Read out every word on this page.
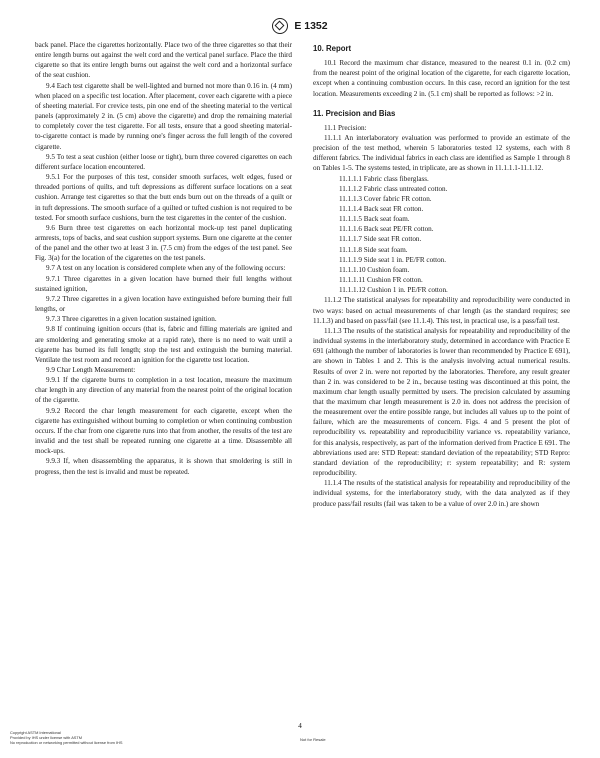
E 1352

back panel. Place the cigarettes horizontally. Place two of the three cigarettes so that their entire length burns out against the welt cord and the vertical panel surface. Place the third cigarette so that its entire length burns out against the welt cord and a horizontal surface of the seat cushion.

9.4 Each test cigarette shall be well-lighted and burned not more than 0.16 in. (4 mm) when placed on a specific test location. After placement, cover each cigarette with a piece of sheeting material. For crevice tests, pin one end of the sheeting material to the vertical panels (approximately 2 in. (5 cm) above the cigarette) and drop the remaining material to completely cover the test cigarette. For all tests, ensure that a good sheeting material-to-cigarette contact is made by running one's finger across the full length of the covered cigarette.

9.5 To test a seat cushion (either loose or tight), burn three covered cigarettes on each different surface location encountered.

9.5.1 For the purposes of this test, consider smooth surfaces, welt edges, fused or threaded portions of quilts, and tuft depressions as different surface locations on a seat cushion. Arrange test cigarettes so that the butt ends burn out on the threads of a quilt or in tuft depressions. The smooth surface of a quilted or tufted cushion is not required to be tested. For smooth surface cushions, burn the test cigarettes in the center of the cushion.

9.6 Burn three test cigarettes on each horizontal mock-up test panel duplicating armrests, tops of backs, and seat cushion support systems. Burn one cigarette at the center of the panel and the other two at least 3 in. (7.5 cm) from the edges of the test panel. See Fig. 3(a) for the location of the cigarettes on the test panels.

9.7 A test on any location is considered complete when any of the following occurs:

9.7.1 Three cigarettes in a given location have burned their full lengths without sustained ignition,

9.7.2 Three cigarettes in a given location have extinguished before burning their full lengths, or

9.7.3 Three cigarettes in a given location sustained ignition.

9.8 If continuing ignition occurs (that is, fabric and filling materials are ignited and are smoldering and generating smoke at a rapid rate), there is no need to wait until a cigarette has burned its full length; stop the test and extinguish the burning material. Ventilate the test room and record an ignition for the cigarette test location.

9.9 Char Length Measurement:

9.9.1 If the cigarette burns to completion in a test location, measure the maximum char length in any direction of any material from the nearest point of the original location of the cigarette.

9.9.2 Record the char length measurement for each cigarette, except when the cigarette has extinguished without burning to completion or when continuing combustion occurs. If the char from one cigarette runs into that from another, the results of the test are invalid and the test shall be repeated running one cigarette at a time. Disassemble all mock-ups.

9.9.3 If, when disassembling the apparatus, it is shown that smoldering is still in progress, then the test is invalid and must be repeated.

10. Report

10.1 Record the maximum char distance, measured to the nearest 0.1 in. (0.2 cm) from the nearest point of the original location of the cigarette, for each cigarette location, except when a continuing combustion occurs. In this case, record an ignition for the test location. Measurements exceeding 2 in. (5.1 cm) shall be reported as follows: >2 in.

11. Precision and Bias

11.1 Precision:

11.1.1 An interlaboratory evaluation was performed to provide an estimate of the precision of the test method, wherein 5 laboratories tested 12 systems, each with 8 different fabrics. The individual fabrics in each class are identified as Sample 1 through 8 on Tables 1-5. The systems tested, in triplicate, are as shown in 11.1.1.1-11.1.12.

11.1.1.1 Fabric class fiberglass.

11.1.1.2 Fabric class untreated cotton.

11.1.1.3 Cover fabric FR cotton.

11.1.1.4 Back seat FR cotton.

11.1.1.5 Back seat foam.

11.1.1.6 Back seat PE/FR cotton.

11.1.1.7 Side seat FR cotton.

11.1.1.8 Side seat foam.

11.1.1.9 Side seat 1 in. PE/FR cotton.

11.1.1.10 Cushion foam.

11.1.1.11 Cushion FR cotton.

11.1.1.12 Cushion 1 in. PE/FR cotton.

11.1.2 The statistical analyses for repeatability and reproducibility were conducted in two ways: based on actual measurements of char length (as the standard requires; see 11.1.3) and based on pass/fail (see 11.1.4). This test, in practical use, is a pass/fail test.

11.1.3 The results of the statistical analysis for repeatability and reproducibility of the individual systems in the interlaboratory study, determined in accordance with Practice E 691 (although the number of laboratories is lower than recommended by Practice E 691), are shown in Tables 1 and 2. This is the analysis involving actual numerical results. Results of over 2 in. were not reported by the laboratories. Therefore, any result greater than 2 in. was considered to be 2 in., because testing was discontinued at this point, the maximum char length usually permitted by users. The precision calculated by assuming that the maximum char length measurement is 2.0 in. does not address the precision of the measurement over the entire possible range, but includes all values up to the point of failure, which are the measurements of concern. Figs. 4 and 5 present the plot of reproducibility vs. repeatability and reproducibility variance vs. repeatability variance, for this analysis, respectively, as part of the information derived from Practice E 691. The abbreviations used are: STD Repeat: standard deviation of the repeatability; STD Repro: standard deviation of the reproducibility; r: system repeatability; and R: system reproducibility.

11.1.4 The results of the statistical analysis for repeatability and reproducibility of the individual systems, for the interlaboratory study, with the data analyzed as if they produce pass/fail results (fail was taken to be a value of over 2.0 in.) are shown

4
Copyright ASTM International
Provided by IHS under license with ASTM
No reproduction or networking permitted without license from IHS
Not for Resale
